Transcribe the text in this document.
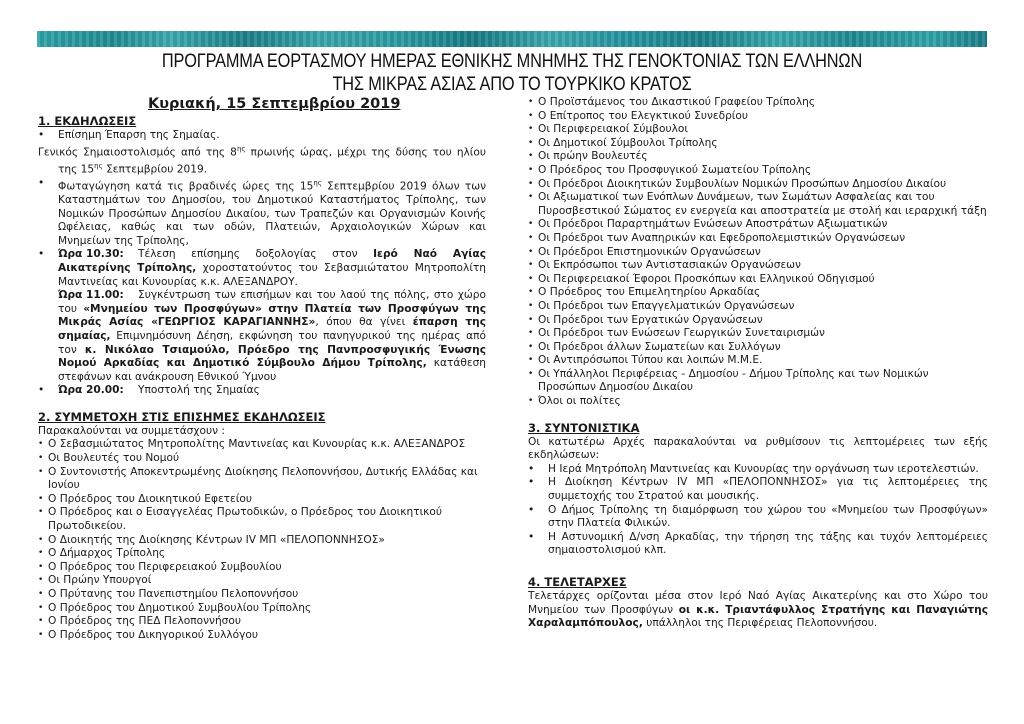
ΠΡΟΓΡΑΜΜΑ ΕΟΡΤΑΣΜΟΥ ΗΜΕΡΑΣ ΕΘΝΙΚΗΣ ΜΝΗΜΗΣ ΤΗΣ ΓΕΝΟΚΤΟΝΙΑΣ ΤΩΝ ΕΛΛΗΝΩΝ
ΤΗΣ ΜΙΚΡΑΣ ΑΣΙΑΣ ΑΠΟ ΤΟ ΤΟΥΡΚΙΚΟ ΚΡΑΤΟΣ
Κυριακή, 15 Σεπτεμβρίου 2019
1. ΕΚΔΗΛΩΣΕΙΣ
• Επίσημη Έπαρση της Σημαίας.
Γενικός Σημαιοστολισμός από της $8^{\eta\varsigma}$ πρωινής ώρας, μέχρι της δύσης του ηλίου της $15^{\eta\varsigma}$ Σεπτεμβρίου 2019.
• Φωταγώγηση κατά τις βραδινές ώρες της $15^{\eta\varsigma}$ Σεπτεμβρίου 2019 όλων των Καταστημάτων του Δημοσίου, του Δημοτικού Καταστήματος Τρίπολης, των Νομικών Προσώπων Δημοσίου Δικαίου, των Τραπεζών και Οργανισμών Κοινής Ωφέλειας, καθώς και των οδών, Πλατειών, Αρχαιολογικών Χώρων και Μνημείων της Τρίπολης,
• Ώρα 10.30: Τέλεση επίσημης δοξολογίας στον Ιερό Ναό Αγίας Αικατερίνης Τρίπολης, χοροστατούντος του Σεβασμιώτατου Μητροπολίτη Μαντινείας και Κυνουρίας κ.κ. ΑΛΕΞΑΝΔΡΟΥ.
Ώρα 11.00: Συγκέντρωση των επισήμων και του λαού της πόλης, στο χώρο του «Μνημείου των Προσφύγων» στην Πλατεία των Προσφύγων της Μικράς Ασίας «ΓΕΩΡΓΙΟΣ ΚΑΡΑΓΙΑΝΝΗΣ», όπου θα γίνει έπαρση της σημαίας, Επιμνημόσυνη Δέηση, εκφώνηση του πανηγυρικού της ημέρας από τον κ. Νικόλαο Τσιαμούλο, Πρόεδρο της Πανπροσφυγικής Ένωσης Νομού Αρκαδίας και Δημοτικό Σύμβουλο Δήμου Τρίπολης, κατάθεση στεφάνων και ανάκρουση Εθνικού Ύμνου
• Ώρα 20.00: Υποστολή της Σημαίας
2. ΣΥΜΜΕΤΟΧΗ ΣΤΙΣ ΕΠΙΣΗΜΕΣ ΕΚΔΗΛΩΣΕΙΣ
Παρακαλούνται να συμμετάσχουν :
• Ο Σεβασμιώτατος Μητροπολίτης Μαντινείας και Κυνουρίας κ.κ. ΑΛΕΞΑΝΔΡΟΣ
• Οι Βουλευτές του Νομού
• Ο Συντονιστής Αποκεντρωμένης Διοίκησης Πελοποννήσου, Δυτικής Ελλάδας και Ιονίου
• Ο Πρόεδρος του Διοικητικού Εφετείου
• Ο Πρόεδρος και ο Εισαγγελέας Πρωτοδικών, ο Πρόεδρος του Διοικητικού Πρωτοδικείου.
• Ο Διοικητής της Διοίκησης Κέντρων IV ΜΠ «ΠΕΛΟΠΟΝΝΗΣΟΣ»
• Ο Δήμαρχος Τρίπολης
• Ο Πρόεδρος του Περιφερειακού Συμβουλίου
• Οι Πρώην Υπουργοί
• Ο Πρύτανης του Πανεπιστημίου Πελοποννήσου
• Ο Πρόεδρος του Δημοτικού Συμβουλίου Τρίπολης
• Ο Πρόεδρος της ΠΕΔ Πελοποννήσου
• Ο Πρόεδρος του Δικηγορικού Συλλόγου
• Ο Προϊστάμενος του Δικαστικού Γραφείου Τρίπολης
• Ο Επίτροπος του Ελεγκτικού Συνεδρίου
• Οι Περιφερειακοί Σύμβουλοι
• Οι Δημοτικοί Σύμβουλοι Τρίπολης
• Οι πρώην Βουλευτές
• Ο Πρόεδρος του Προσφυγικού Σωματείου Τρίπολης
• Οι Πρόεδροι Διοικητικών Συμβουλίων Νομικών Προσώπων Δημοσίου Δικαίου
• Οι Αξιωματικοί των Ενόπλων Δυνάμεων, των Σωμάτων Ασφαλείας και του Πυροσβεστικού Σώματος εν ενεργεία και αποστρατεία με στολή και ιεραρχική τάξη
• Οι Πρόεδροι Παραρτημάτων Ενώσεων Αποστράτων Αξιωματικών
• Οι Πρόεδροι των Αναπηρικών και Εφεδροπολεμιστικών Οργανώσεων
• Οι Πρόεδροι Επιστημονικών Οργανώσεων
• Οι Εκπρόσωποι των Αντιστασιακών Οργανώσεων
• Οι Περιφερειακοί Έφοροι Προσκόπων και Ελληνικού Οδηγισμού
• Ο Πρόεδρος του Επιμελητηρίου Αρκαδίας
• Οι Πρόεδροι των Επαγγελματικών Οργανώσεων
• Οι Πρόεδροι των Εργατικών Οργανώσεων
• Οι Πρόεδροι των Ενώσεων Γεωργικών Συνεταιρισμών
• Οι Πρόεδροι άλλων Σωματείων και Συλλόγων
• Οι Αντιπρόσωποι Τύπου και λοιπών Μ.Μ.Ε.
• Οι Υπάλληλοι Περιφέρειας - Δημοσίου - Δήμου Τρίπολης και των Νομικών Προσώπων Δημοσίου Δικαίου
• Όλοι οι πολίτες
3. ΣΥΝΤΟΝΙΣΤΙΚΑ
Οι κατωτέρω Αρχές παρακαλούνται να ρυθμίσουν τις λεπτομέρειες των εξής εκδηλώσεων:
• Η Ιερά Μητρόπολη Μαντινείας και Κυνουρίας την οργάνωση των ιεροτελεστιών.
• Η Διοίκηση Κέντρων IV ΜΠ «ΠΕΛΟΠΟΝΝΗΣΟΣ» για τις λεπτομέρειες της συμμετοχής του Στρατού και μουσικής.
• Ο Δήμος Τρίπολης τη διαμόρφωση του χώρου του «Μνημείου των Προσφύγων» στην Πλατεία Φιλικών.
• Η Αστυνομική Δ/νση Αρκαδίας, την τήρηση της τάξης και τυχόν λεπτομέρειες σημαιοστολισμού κλπ.
4. ΤΕΛΕΤΑΡΧΕΣ
Τελετάρχες ορίζονται μέσα στον Ιερό Ναό Αγίας Αικατερίνης και στο Χώρο του Μνημείου των Προσφύγων οι κ.κ. Τριαντάφυλλος Στρατήγης και Παναγιώτης Χαραλαμπόπουλος, υπάλληλοι της Περιφέρειας Πελοποννήσου.
